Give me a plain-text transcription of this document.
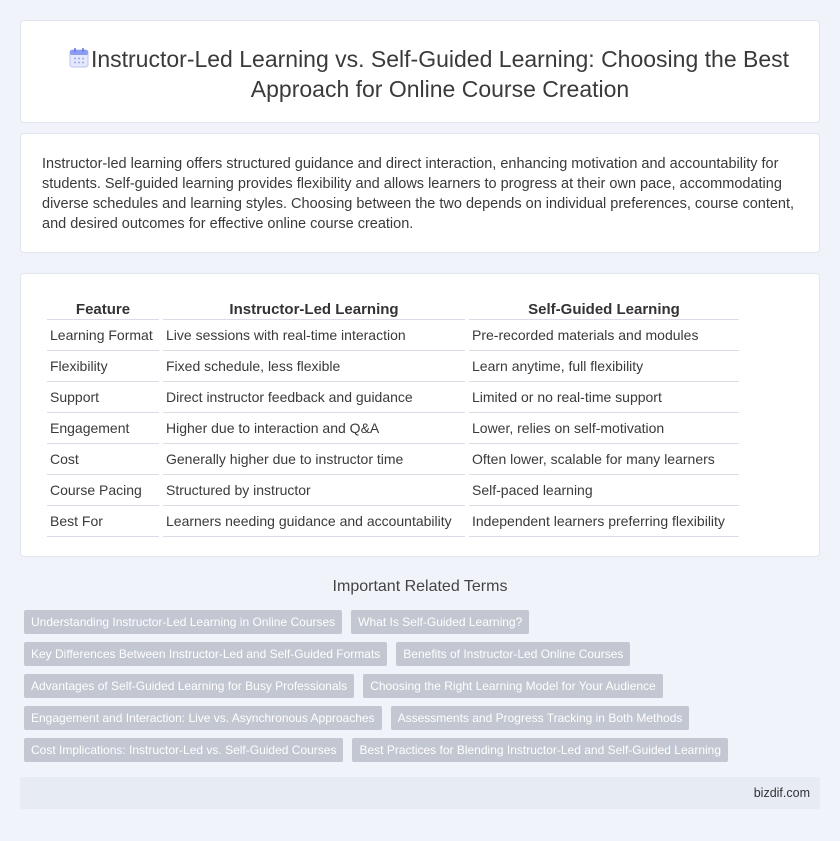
Instructor-Led Learning vs. Self-Guided Learning: Choosing the Best Approach for Online Course Creation

Instructor-led learning offers structured guidance and direct interaction, enhancing motivation and accountability for students. Self-guided learning provides flexibility and allows learners to progress at their own pace, accommodating diverse schedules and learning styles. Choosing between the two depends on individual preferences, course content, and desired outcomes for effective online course creation.

Feature	Instructor-Led Learning	Self-Guided Learning
Learning Format	Live sessions with real-time interaction	Pre-recorded materials and modules
Flexibility	Fixed schedule, less flexible	Learn anytime, full flexibility
Support	Direct instructor feedback and guidance	Limited or no real-time support
Engagement	Higher due to interaction and Q&A	Lower, relies on self-motivation
Cost	Generally higher due to instructor time	Often lower, scalable for many learners
Course Pacing	Structured by instructor	Self-paced learning
Best For	Learners needing guidance and accountability	Independent learners preferring flexibility
Important Related Terms
Understanding Instructor-Led Learning in Online Courses	What Is Self-Guided Learning?
Key Differences Between Instructor-Led and Self-Guided Formats	Benefits of Instructor-Led Online Courses
Advantages of Self-Guided Learning for Busy Professionals	Choosing the Right Learning Model for Your Audience
Engagement and Interaction: Live vs. Asynchronous Approaches	Assessments and Progress Tracking in Both Methods
Cost Implications: Instructor-Led vs. Self-Guided Courses	Best Practices for Blending Instructor-Led and Self-Guided Learning
bizdif.com
